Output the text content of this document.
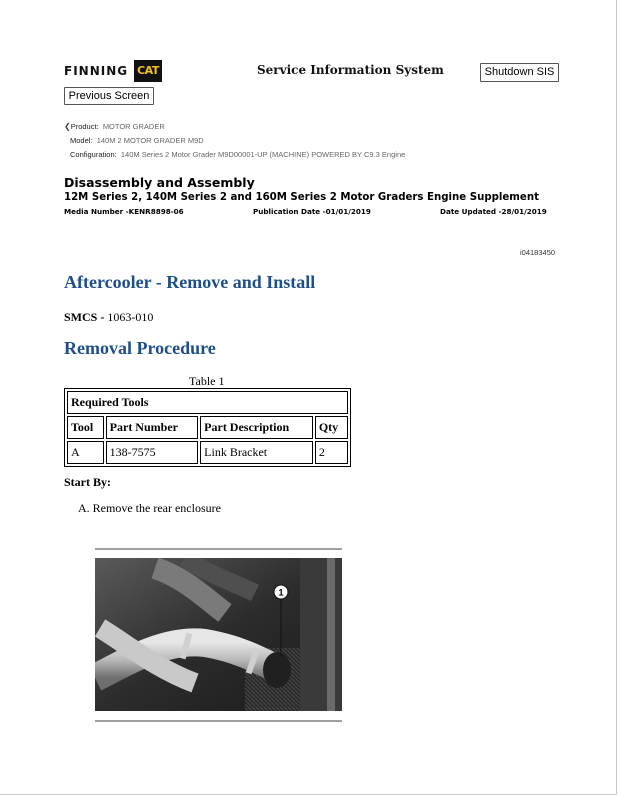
FINNING CAT	Service Information System	Shutdown SIS
Previous Screen
❮Product: MOTOR GRADER
Model: 140M 2 MOTOR GRADER M9D
Configuration: 140M Series 2 Motor Grader M9D00001-UP (MACHINE) POWERED BY C9.3 Engine
Disassembly and Assembly
12M Series 2, 140M Series 2 and 160M Series 2 Motor Graders Engine Supplement
Media Number -KENR8898-06	Publication Date -01/01/2019	Date Updated -28/01/2019
i04183450
Aftercooler - Remove and Install
SMCS - 1063-010
Removal Procedure
Table 1
Required Tools			
Tool	Part Number	Part Description	Qty
A	138-7575	Link Bracket	2
Start By:
A. Remove the rear enclosure
1
